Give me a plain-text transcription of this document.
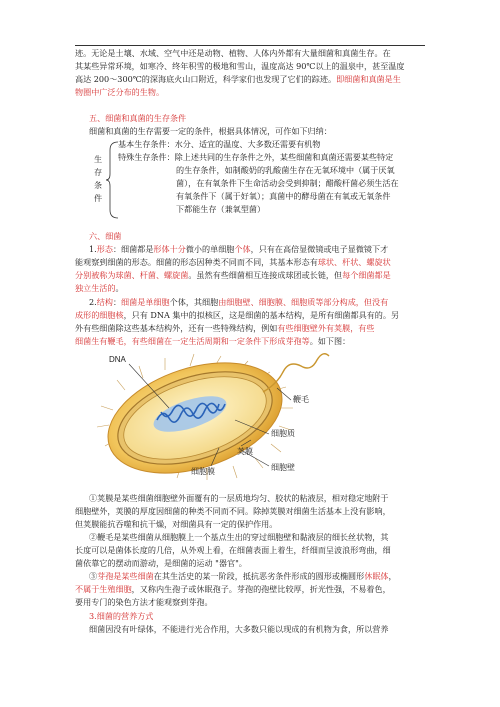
迹。无论是土壤、水域、空气中还是动物、植物、人体内外都有大量细菌和真菌生存。在
其某些异常环境，如寒冷、终年积雪的极地和雪山，温度高达 90℃以上的温泉中，甚至温度
高达 200～300℃的深海底火山口附近，科学家们也发现了它们的踪迹。即细菌和真菌是生
物圈中广泛分布的生物。
五、细菌和真菌的生存条件
细菌和真菌的生存需要一定的条件，根据具体情况，可作如下归纳：
生
存
条
件
基本生存条件：水分、适宜的温度、大多数还需要有机物
特殊生存条件：除上述共同的生存条件之外，某些细菌和真菌还需要某些特定
的生存条件，如制酸奶的乳酸菌生存在无氧环境中（属于厌氧
菌），在有氧条件下生命活动会受到抑制；醋酸杆菌必须生活在
有氧条件下（属于好氧）；真菌中的酵母菌在有氧或无氧条件
下都能生存（兼氧型菌）
六、细菌
1.形态：细菌都是形体十分微小的单细胞个体，只有在高倍显微镜或电子显微镜下才
能观察到细菌的形态。细菌的形态因种类不同而不同，其基本形态有球状、杆状、螺旋状
分别被称为球菌、杆菌、螺旋菌。虽然有些细菌相互连接成球团或长链，但每个细菌都是
独立生活的。
2.结构：细菌是单细胞个体，其细胞由细胞壁、细胞膜、细胞质等部分构成，但没有
成形的细胞核，只有 DNA 集中的拟核区，这是细菌的基本结构，是所有细菌都具有的。另
外有些细菌除这些基本结构外，还有一些特殊结构，例如有些细胞壁外有荚膜，有些
细菌生有鞭毛，有些细菌在一定生活周期和一定条件下形成芽孢等。如下图：
DNA
鞭毛
细胞质
荚膜
细胞壁
细胞膜
①荚膜是某些细菌细胞壁外面覆有的一层质地均匀、胶状的粘液层，相对稳定地附于
细胞壁外，荚膜的厚度因细菌的种类不同而不同。除掉荚膜对细菌生活基本上没有影响，
但荚膜能抗吞噬和抗干燥，对细菌具有一定的保护作用。
②鞭毛是某些细菌从细胞膜上一个基点生出的穿过细胞壁和黏液层的细长丝状物，其
长度可以是菌体长度的几倍，从外观上看，在细菌表面上着生，纤细而呈波浪形弯曲，细
菌依靠它的摆动而游动，是细菌的运动 "器官"。
③芽孢是某些细菌在其生活史的某一阶段，抵抗恶劣条件形成的圆形或椭圆形休眠体，
不属于生殖细胞，又称内生孢子或休眠孢子。芽孢的孢壁比较厚，折光性强，不易着色，
要用专门的染色方法才能观察到芽孢。
3.细菌的营养方式
细菌因没有叶绿体，不能进行光合作用，大多数只能以现成的有机物为食，所以营养
